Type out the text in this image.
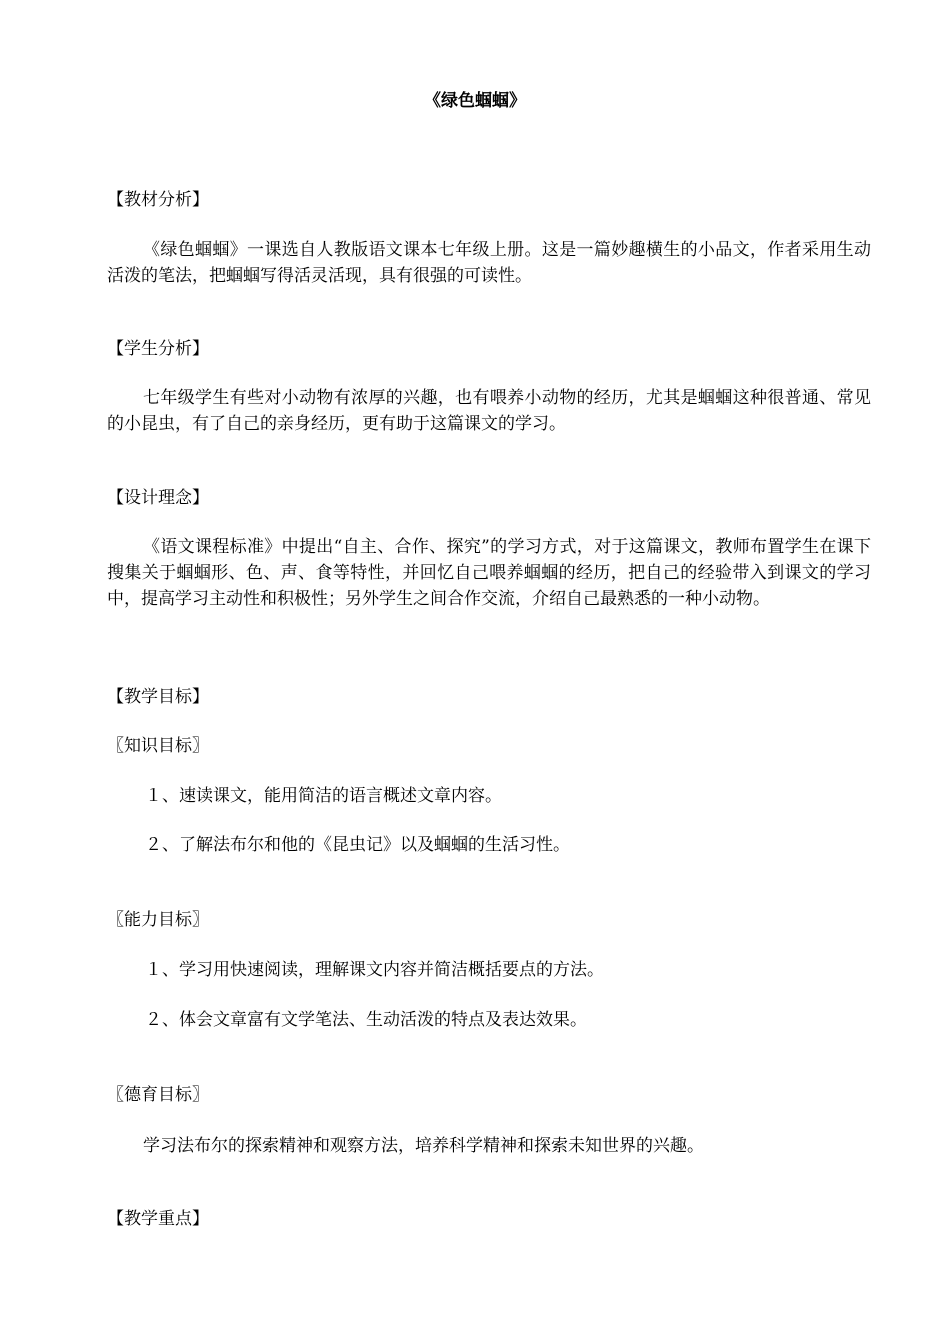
《绿色蝈蝈》
【教材分析】
《绿色蝈蝈》一课选自人教版语文课本七年级上册。这是一篇妙趣横生的小品文，作者采用生动活泼的笔法，把蝈蝈写得活灵活现，具有很强的可读性。
【学生分析】
七年级学生有些对小动物有浓厚的兴趣，也有喂养小动物的经历，尤其是蝈蝈这种很普通、常见的小昆虫，有了自己的亲身经历，更有助于这篇课文的学习。
【设计理念】
《语文课程标准》中提出“自主、合作、探究”的学习方式，对于这篇课文，教师布置学生在课下搜集关于蝈蝈形、色、声、食等特性，并回忆自己喂养蝈蝈的经历，把自己的经验带入到课文的学习中，提高学习主动性和积极性；另外学生之间合作交流，介绍自己最熟悉的一种小动物。
【教学目标】
〖知识目标〗
１、速读课文，能用简洁的语言概述文章内容。
２、了解法布尔和他的《昆虫记》以及蝈蝈的生活习性。
〖能力目标〗
１、学习用快速阅读，理解课文内容并简洁概括要点的方法。
２、体会文章富有文学笔法、生动活泼的特点及表达效果。
〖德育目标〗
学习法布尔的探索精神和观察方法，培养科学精神和探索未知世界的兴趣。
【教学重点】
